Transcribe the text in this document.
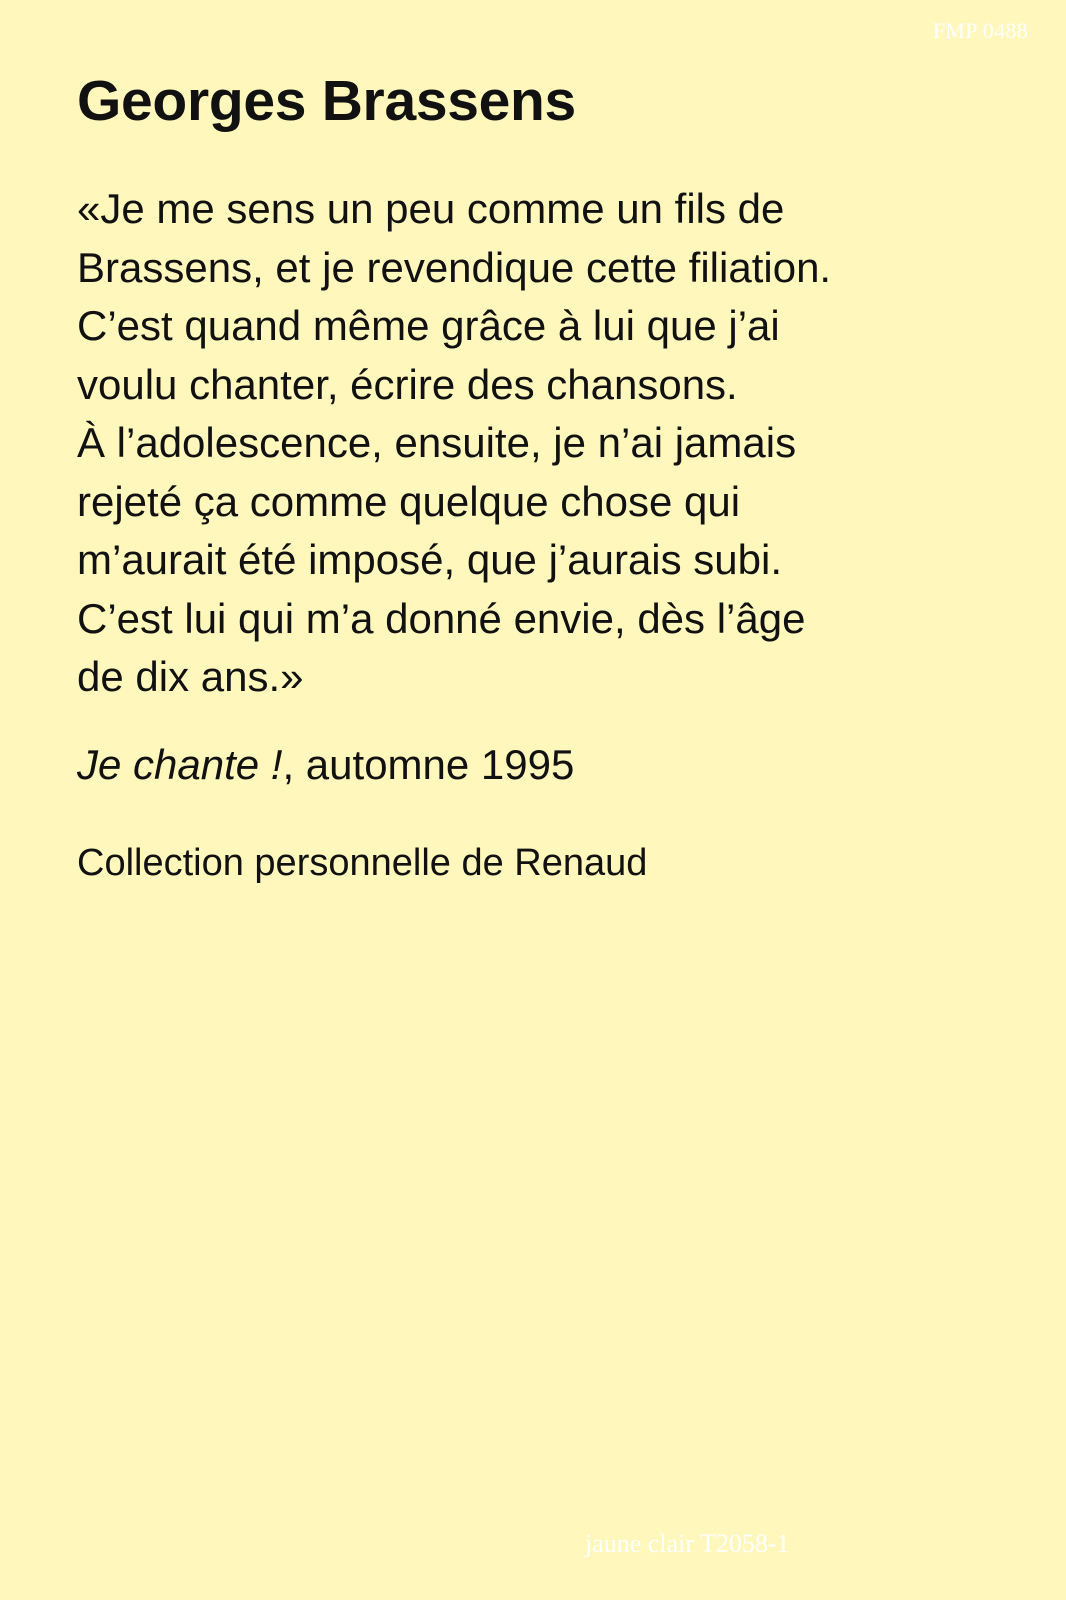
FMP 0488
Georges Brassens

«Je me sens un peu comme un fils de
Brassens, et je revendique cette filiation.
C’est quand même grâce à lui que j’ai
voulu chanter, écrire des chansons.
À l’adolescence, ensuite, je n’ai jamais
rejeté ça comme quelque chose qui
m’aurait été imposé, que j’aurais subi.
C’est lui qui m’a donné envie, dès l’âge
de dix ans.»

Je chante !, automne 1995

Collection personnelle de Renaud

jaune clair T2058-1
